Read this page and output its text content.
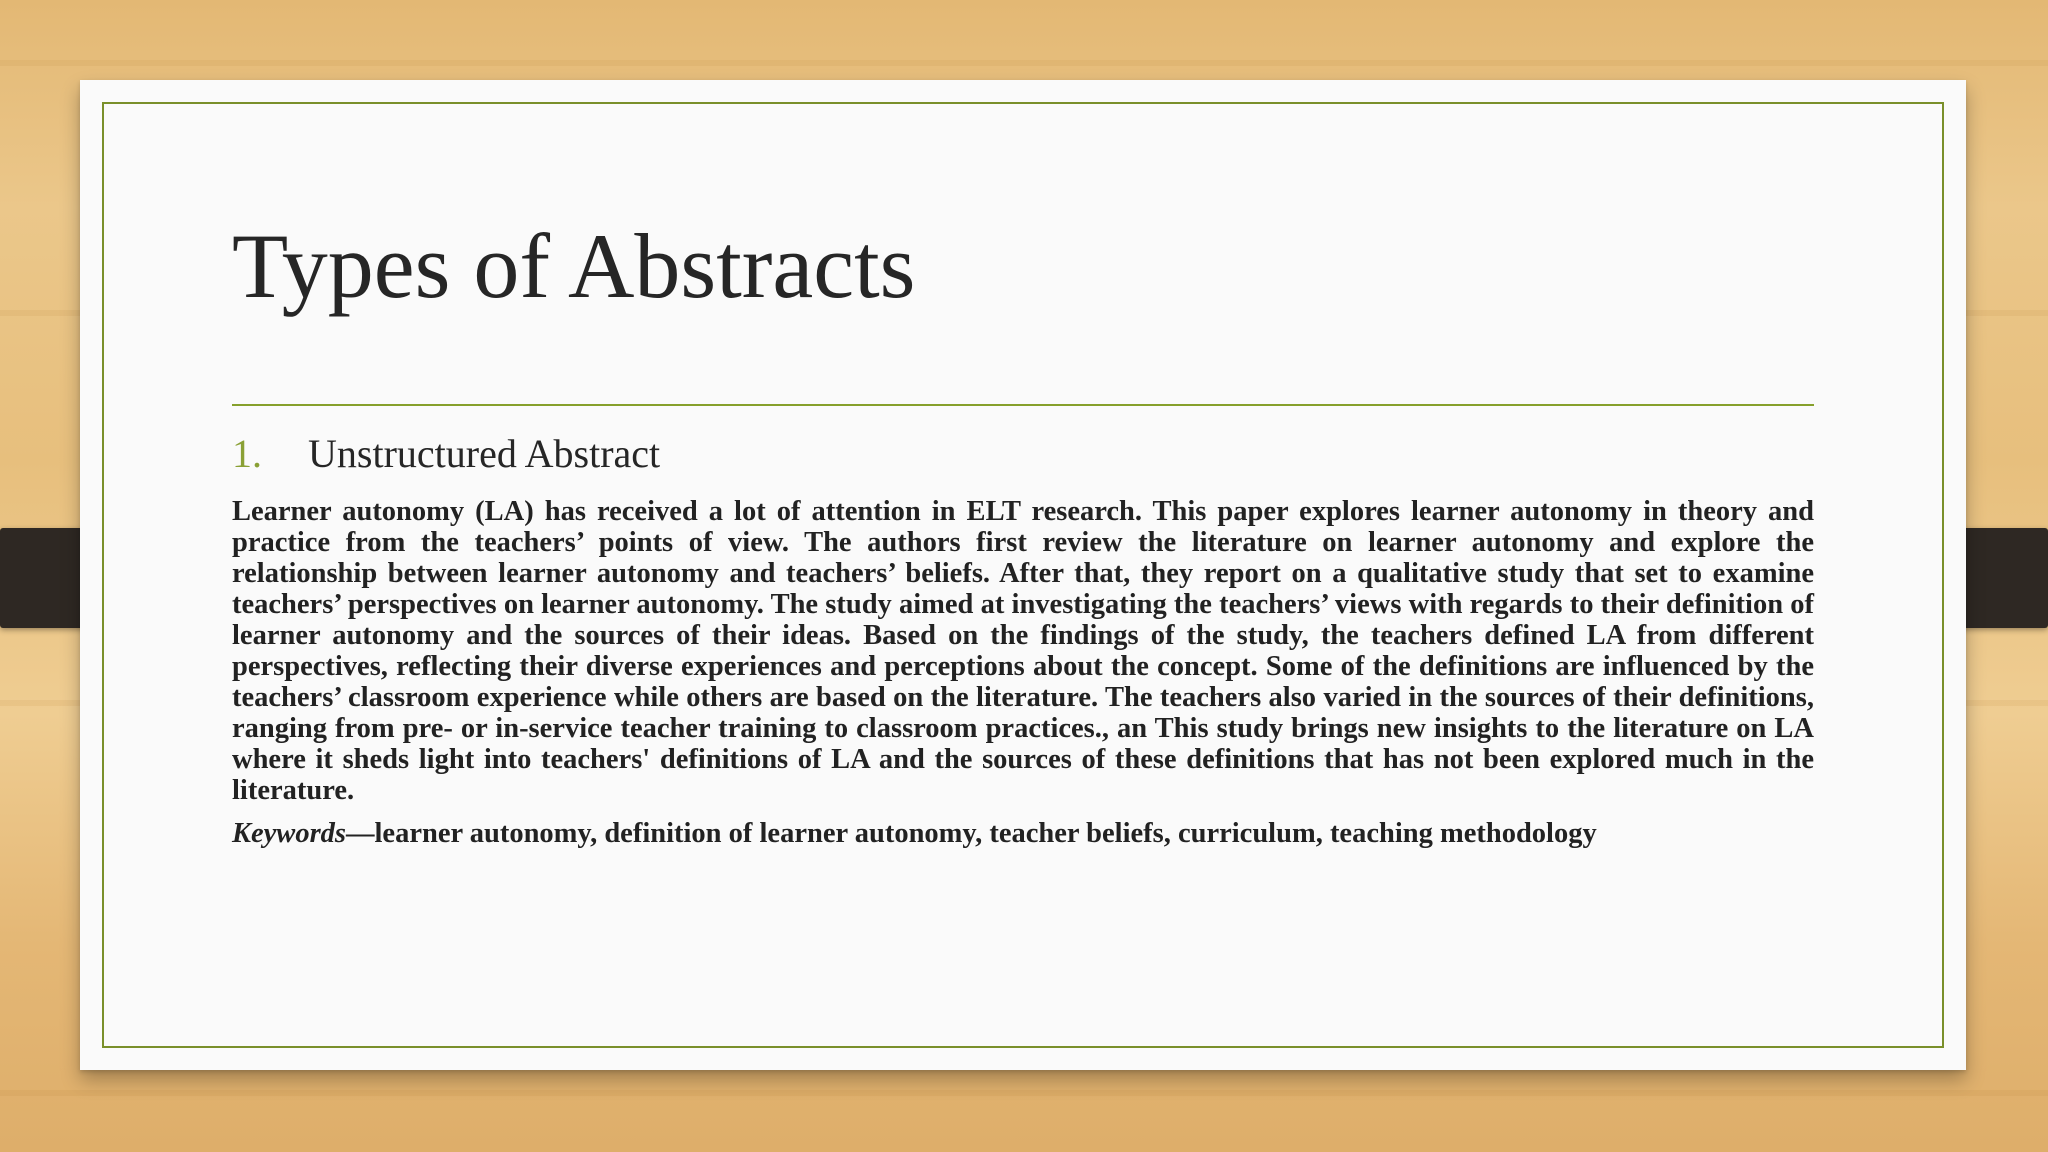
Types of Abstracts
1. Unstructured Abstract

Learner autonomy (LA) has received a lot of attention in ELT research. This paper explores learner autonomy in theory and practice from the teachers’ points of view. The authors first review the literature on learner autonomy and explore the relationship between learner autonomy and teachers’ beliefs. After that, they report on a qualitative study that set to examine teachers’ perspectives on learner autonomy. The study aimed at investigating the teachers’ views with regards to their definition of learner autonomy and the sources of their ideas. Based on the findings of the study, the teachers defined LA from different perspectives, reflecting their diverse experiences and perceptions about the concept. Some of the definitions are influenced by the teachers’ classroom experience while others are based on the literature. The teachers also varied in the sources of their definitions, ranging from pre- or in-service teacher training to classroom practices., an This study brings new insights to the literature on LA where it sheds light into teachers' definitions of LA and the sources of these definitions that has not been explored much in the literature.

Keywords—learner autonomy, definition of learner autonomy, teacher beliefs, curriculum, teaching methodology
